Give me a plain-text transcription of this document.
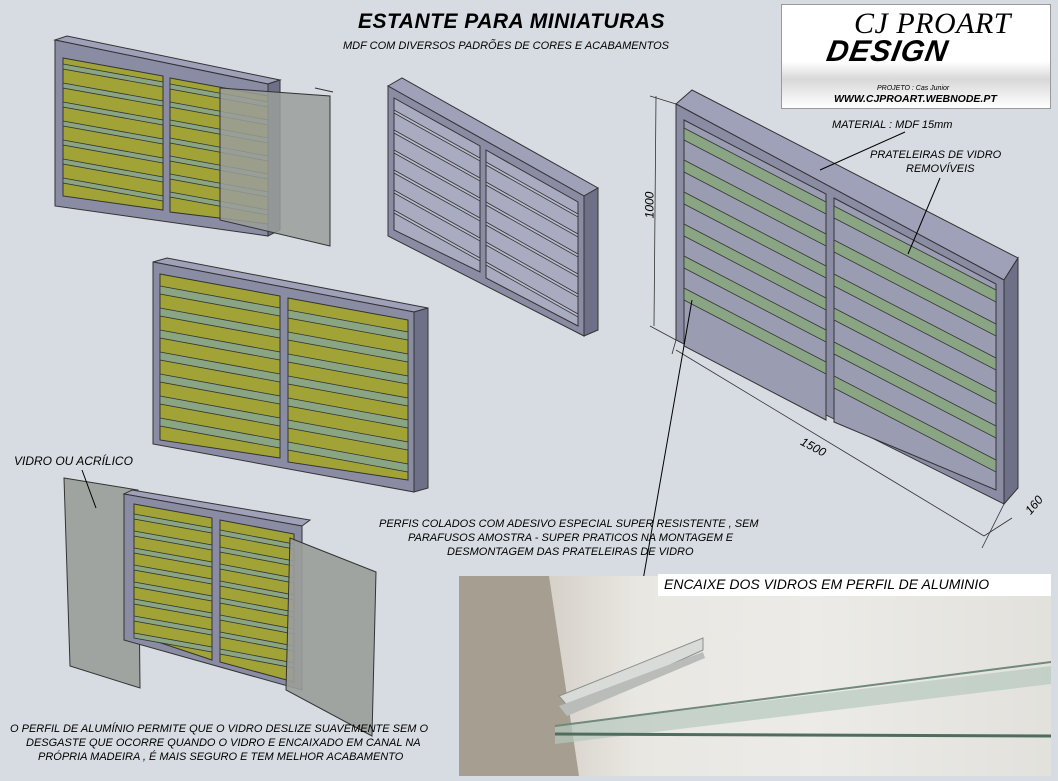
ESTANTE PARA MINIATURAS
MDF COM DIVERSOS PADRÕES DE CORES E ACABAMENTOS
CJ PROART
DESIGN
PROJETO : Cas Junior
WWW.CJPROART.WEBNODE.PT
1000
1500
160
MATERIAL : MDF 15mm
PRATELEIRAS DE VIDRO
REMOVÍVEIS
VIDRO OU ACRÍLICO
PERFIS COLADOS COM ADESIVO ESPECIAL SUPER RESISTENTE , SEM
PARAFUSOS AMOSTRA - SUPER PRATICOS NA MONTAGEM E
DESMONTAGEM DAS PRATELEIRAS DE VIDRO
ENCAIXE DOS VIDROS EM PERFIL DE ALUMINIO
O PERFIL DE ALUMÍNIO PERMITE QUE O VIDRO DESLIZE SUAVEMENTE SEM O
DESGASTE QUE OCORRE QUANDO O VIDRO E ENCAIXADO EM CANAL NA
PRÓPRIA MADEIRA , É MAIS SEGURO E TEM MELHOR ACABAMENTO
